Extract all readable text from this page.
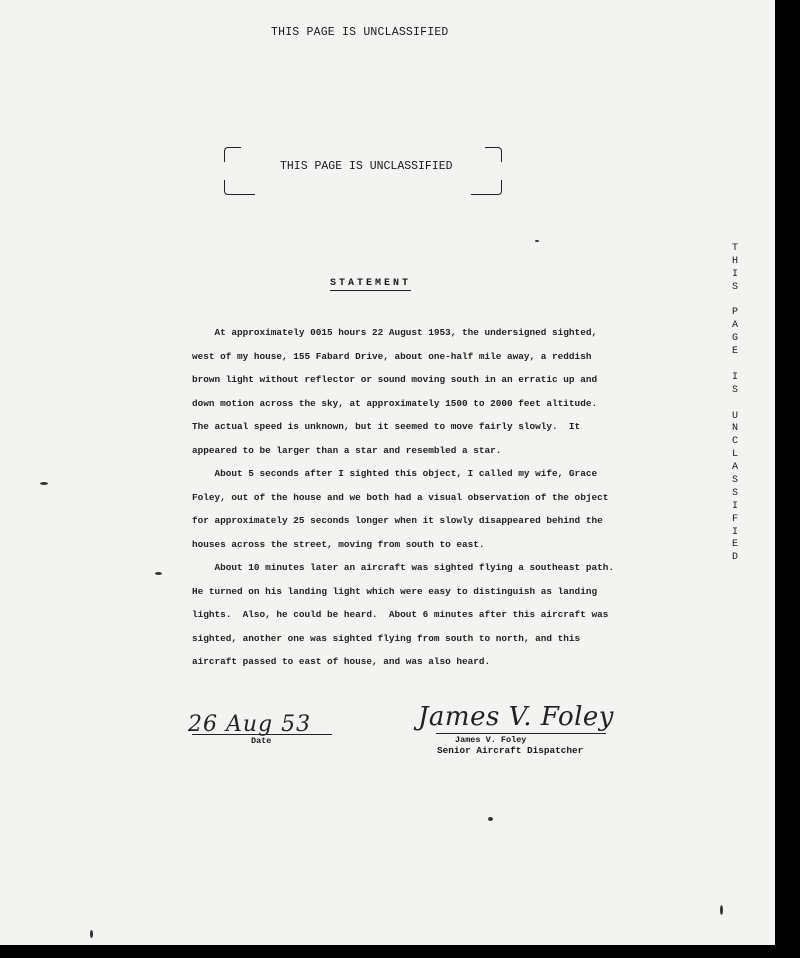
THIS PAGE IS UNCLASSIFIED
THIS PAGE IS UNCLASSIFIED
T
H
I
S
P
A
G
E
I
S
U
N
C
L
A
S
S
I
F
I
E
D
STATEMENT

At approximately 0015 hours 22 August 1953, the undersigned sighted,

west of my house, 155 Fabard Drive, about one-half mile away, a reddish

brown light without reflector or sound moving south in an erratic up and

down motion across the sky, at approximately 1500 to 2000 feet altitude.

The actual speed is unknown, but it seemed to move fairly slowly.  It

appeared to be larger than a star and resembled a star.

About 5 seconds after I sighted this object, I called my wife, Grace

Foley, out of the house and we both had a visual observation of the object

for approximately 25 seconds longer when it slowly disappeared behind the

houses across the street, moving from south to east.

About 10 minutes later an aircraft was sighted flying a southeast path.

He turned on his landing light which were easy to distinguish as landing

lights.  Also, he could be heard.  About 6 minutes after this aircraft was

sighted, another one was sighted flying from south to north, and this

aircraft passed to east of house, and was also heard.

26 Aug 53
Date
James V. Foley
James V. Foley
Senior Aircraft Dispatcher
